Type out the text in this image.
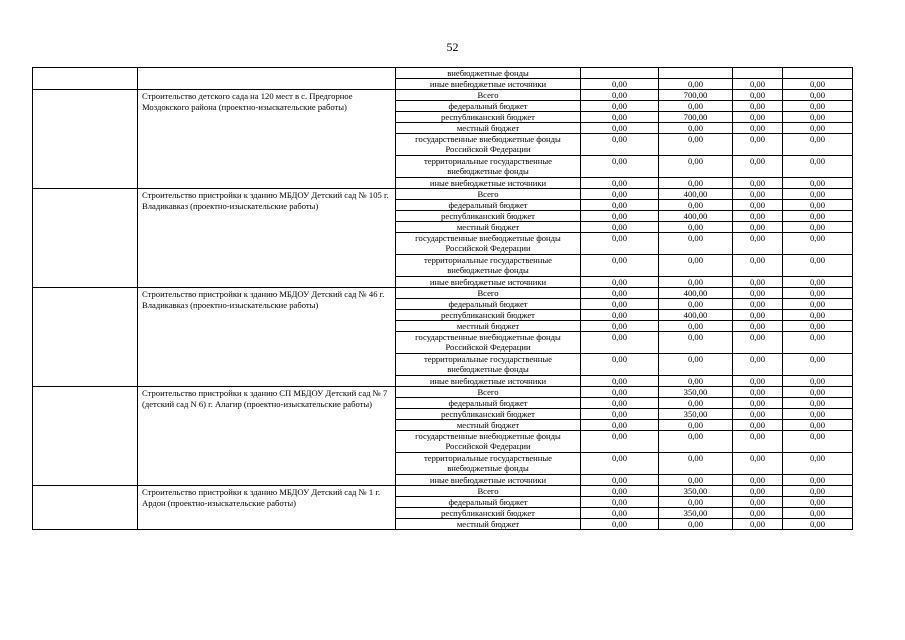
52
		внебюджетные фонды				
		иные внебюджетные источники	0,00	0,00	0,00	0,00
	Строительство детского сада на 120 мест в с. Предгорное Моздокского района (проектно-изыскательские работы)	Всего	0,00	700,00	0,00	0,00
		федеральный бюджет	0,00	0,00	0,00	0,00
		республиканский бюджет	0,00	700,00	0,00	0,00
		местный бюджет	0,00	0,00	0,00	0,00
		государственные внебюджетные фонды Российской Федерации	0,00	0,00	0,00	0,00
		территориальные государственные внебюджетные фонды	0,00	0,00	0,00	0,00
		иные внебюджетные источники	0,00	0,00	0,00	0,00
	Строительство пристройки к зданию МБДОУ Детский сад № 105 г. Владикавказ (проектно-изыскательские работы)	Всего	0,00	400,00	0,00	0,00
		федеральный бюджет	0,00	0,00	0,00	0,00
		республиканский бюджет	0,00	400,00	0,00	0,00
		местный бюджет	0,00	0,00	0,00	0,00
		государственные внебюджетные фонды Российской Федерации	0,00	0,00	0,00	0,00
		территориальные государственные внебюджетные фонды	0,00	0,00	0,00	0,00
		иные внебюджетные источники	0,00	0,00	0,00	0,00
	Строительство пристройки к зданию МБДОУ Детский сад № 46 г. Владикавказ (проектно-изыскательские работы)	Всего	0,00	400,00	0,00	0,00
		федеральный бюджет	0,00	0,00	0,00	0,00
		республиканский бюджет	0,00	400,00	0,00	0,00
		местный бюджет	0,00	0,00	0,00	0,00
		государственные внебюджетные фонды Российской Федерации	0,00	0,00	0,00	0,00
		территориальные государственные внебюджетные фонды	0,00	0,00	0,00	0,00
		иные внебюджетные источники	0,00	0,00	0,00	0,00
	Строительство пристройки к зданию СП МБДОУ Детский сад № 7 (детский сад N 6) г. Алагир (проектно-изыскательские работы)	Всего	0,00	350,00	0,00	0,00
		федеральный бюджет	0,00	0,00	0,00	0,00
		республиканский бюджет	0,00	350,00	0,00	0,00
		местный бюджет	0,00	0,00	0,00	0,00
		государственные внебюджетные фонды Российской Федерации	0,00	0,00	0,00	0,00
		территориальные государственные внебюджетные фонды	0,00	0,00	0,00	0,00
		иные внебюджетные источники	0,00	0,00	0,00	0,00
	Строительство пристройки к зданию МБДОУ Детский сад № 1 г. Ардон (проектно-изыскательские работы)	Всего	0,00	350,00	0,00	0,00
		федеральный бюджет	0,00	0,00	0,00	0,00
		республиканский бюджет	0,00	350,00	0,00	0,00
		местный бюджет	0,00	0,00	0,00	0,00
